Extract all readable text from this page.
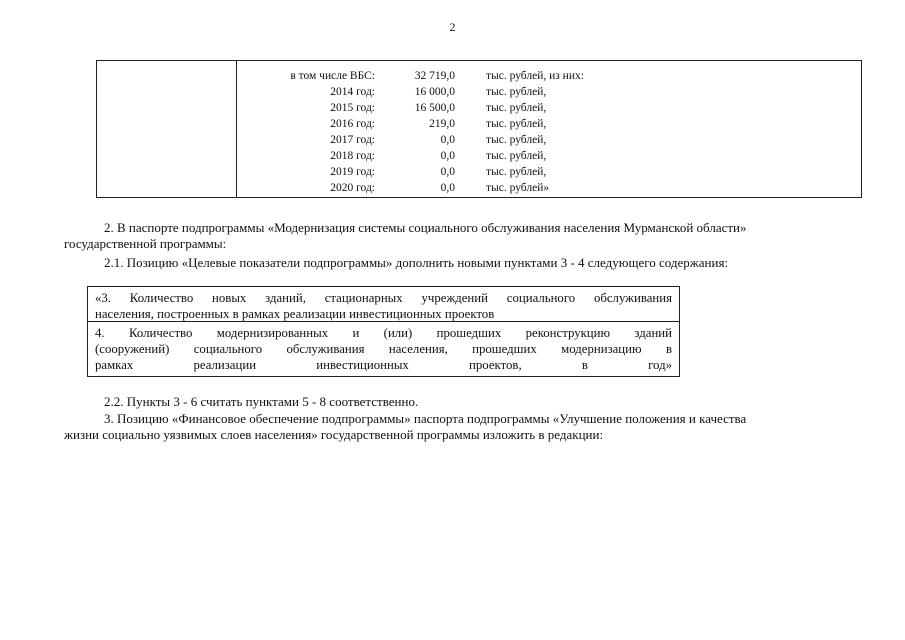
2
в том числе ВБС:	32 719,0	тыс. рублей, из них:
2014 год:	16 000,0	тыс. рублей,
2015 год:	16 500,0	тыс. рублей,
2016 год:	219,0	тыс. рублей,
2017 год:	0,0	тыс. рублей,
2018 год:	0,0	тыс. рублей,
2019 год:	0,0	тыс. рублей,
2020 год:	0,0	тыс. рублей»
2. В паспорте подпрограммы «Модернизация системы социального обслуживания населения Мурманской области»
государственной программы:
2.1. Позицию «Целевые показатели подпрограммы» дополнить новыми пунктами 3 - 4 следующего содержания:
«3. Количество новых зданий, стационарных учреждений социального обслуживания
населения, построенных в рамках реализации инвестиционных проектов
4. Количество модернизированных и (или) прошедших реконструкцию зданий
(сооружений) социального обслуживания населения, прошедших модернизацию в
рамках реализации инвестиционных проектов, в год»
2.2. Пункты 3 - 6 считать пунктами 5 - 8 соответственно.
3. Позицию «Финансовое обеспечение подпрограммы» паспорта подпрограммы «Улучшение положения и качества
жизни социально уязвимых слоев населения» государственной программы изложить в редакции:
